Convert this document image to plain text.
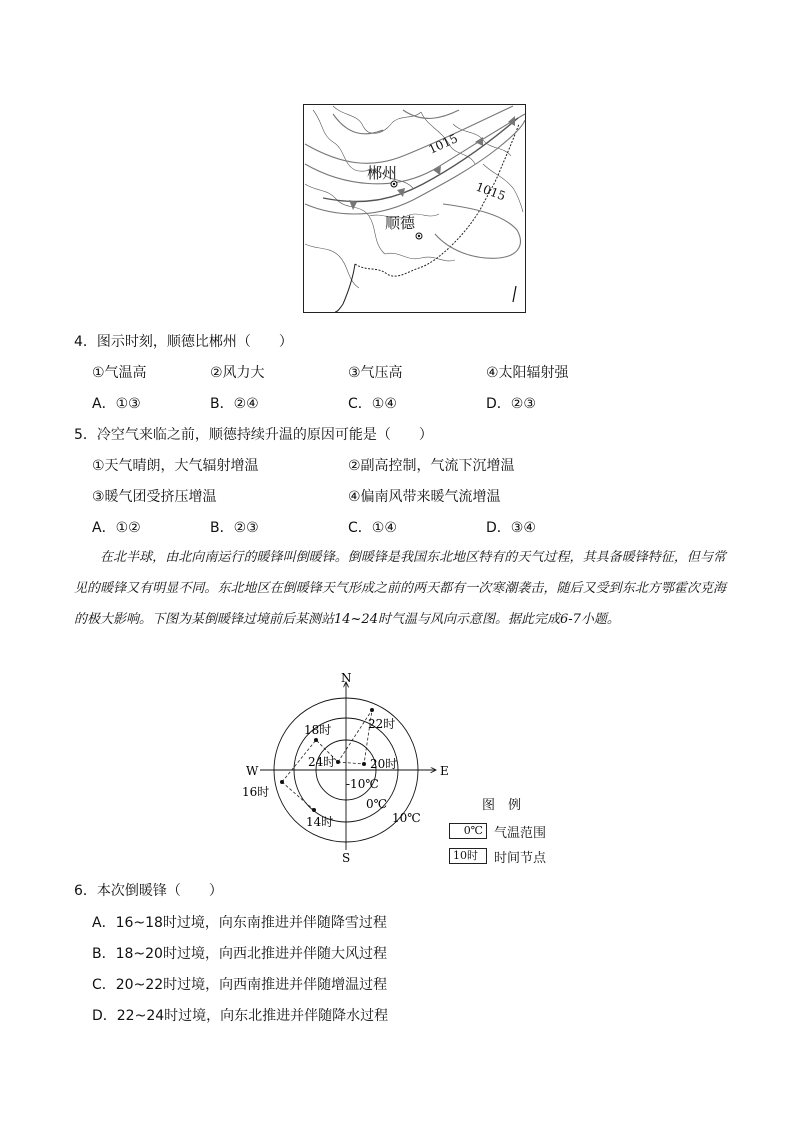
郴州
顺德
1015
1015
4．图示时刻，顺德比郴州（　　）
①气温高	②风力大	③气压高	④太阳辐射强
A．①③	B．②④	C．①④	D．②③
5．冷空气来临之前，顺德持续升温的原因可能是（　　）
①天气晴朗，大气辐射增温	②副高控制，气流下沉增温
③暖气团受挤压增温	④偏南风带来暖气流增温
A．①②	B．②③	C．①④	D．③④
在北半球，由北向南运行的暖锋叫倒暖锋。倒暖锋是我国东北地区特有的天气过程，其具备暖锋特征，但与常见的暖锋又有明显不同。东北地区在倒暖锋天气形成之前的两天都有一次寒潮袭击，随后又受到东北方鄂霍次克海的极大影响。下图为某倒暖锋过境前后某测站14~24时气温与风向示意图。据此完成6-7小题。
N
S
E
W
18时	22时
24时	20时
16时
14时
-10℃
0℃
10℃
图　例
0℃ 气温范围
10时	时间节点
6．本次倒暖锋（　　）
A．16~18时过境，向东南推进并伴随降雪过程
B．18~20时过境，向西北推进并伴随大风过程
C．20~22时过境，向西南推进并伴随增温过程
D．22~24时过境，向东北推进并伴随降水过程
